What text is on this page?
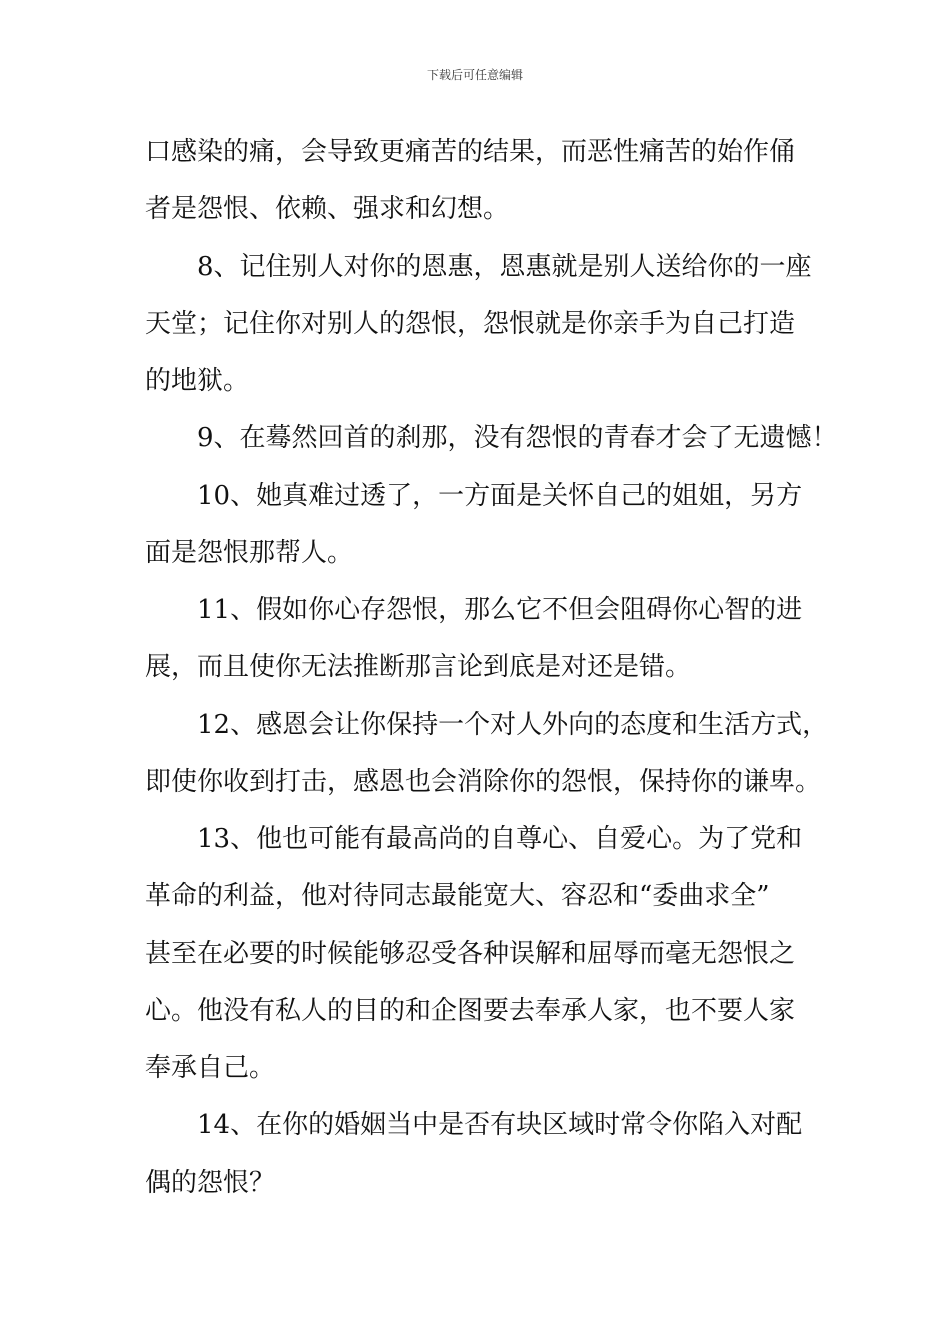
下载后可任意编辑
口感染的痛，会导致更痛苦的结果，而恶性痛苦的始作俑
者是怨恨、依赖、强求和幻想。
8、记住别人对你的恩惠，恩惠就是别人送给你的一座
天堂；记住你对别人的怨恨，怨恨就是你亲手为自己打造
的地狱。
9、在蓦然回首的刹那，没有怨恨的青春才会了无遗憾！
10、她真难过透了，一方面是关怀自己的姐姐，另方
面是怨恨那帮人。
11、假如你心存怨恨，那么它不但会阻碍你心智的进
展，而且使你无法推断那言论到底是对还是错。
12、感恩会让你保持一个对人外向的态度和生活方式，
即使你收到打击，感恩也会消除你的怨恨，保持你的谦卑。
13、他也可能有最高尚的自尊心、自爱心。为了党和
革命的利益，他对待同志最能宽大、容忍和“委曲求全”
甚至在必要的时候能够忍受各种误解和屈辱而毫无怨恨之
心。他没有私人的目的和企图要去奉承人家，也不要人家
奉承自己。
14、在你的婚姻当中是否有块区域时常令你陷入对配
偶的怨恨？
